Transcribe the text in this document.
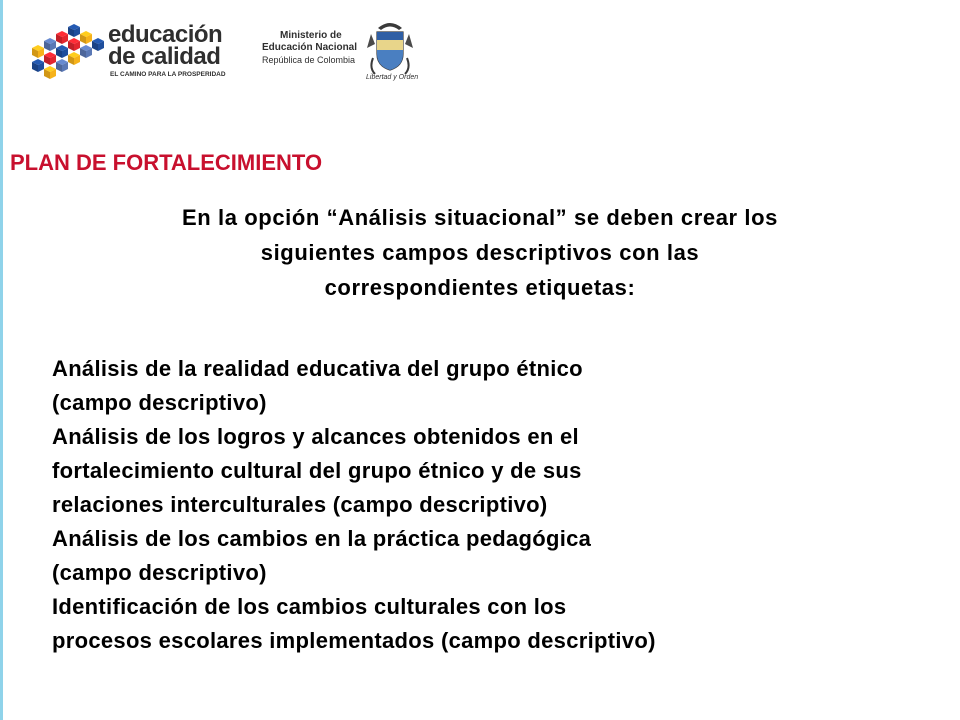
educación
de calidad
EL CAMINO PARA LA PROSPERIDAD
Ministerio de
Educación Nacional
República de Colombia
Libertad y Orden
PLAN DE FORTALECIMIENTO
En la opción “Análisis situacional” se deben crear los
siguientes campos descriptivos con las
correspondientes etiquetas:
Análisis de la realidad educativa del grupo étnico
(campo descriptivo)
Análisis de los logros y alcances obtenidos en el
fortalecimiento cultural del grupo étnico y de sus
relaciones interculturales (campo descriptivo)
Análisis de los cambios en la práctica pedagógica
(campo descriptivo)
Identificación de los cambios culturales con los
procesos escolares implementados (campo descriptivo)
